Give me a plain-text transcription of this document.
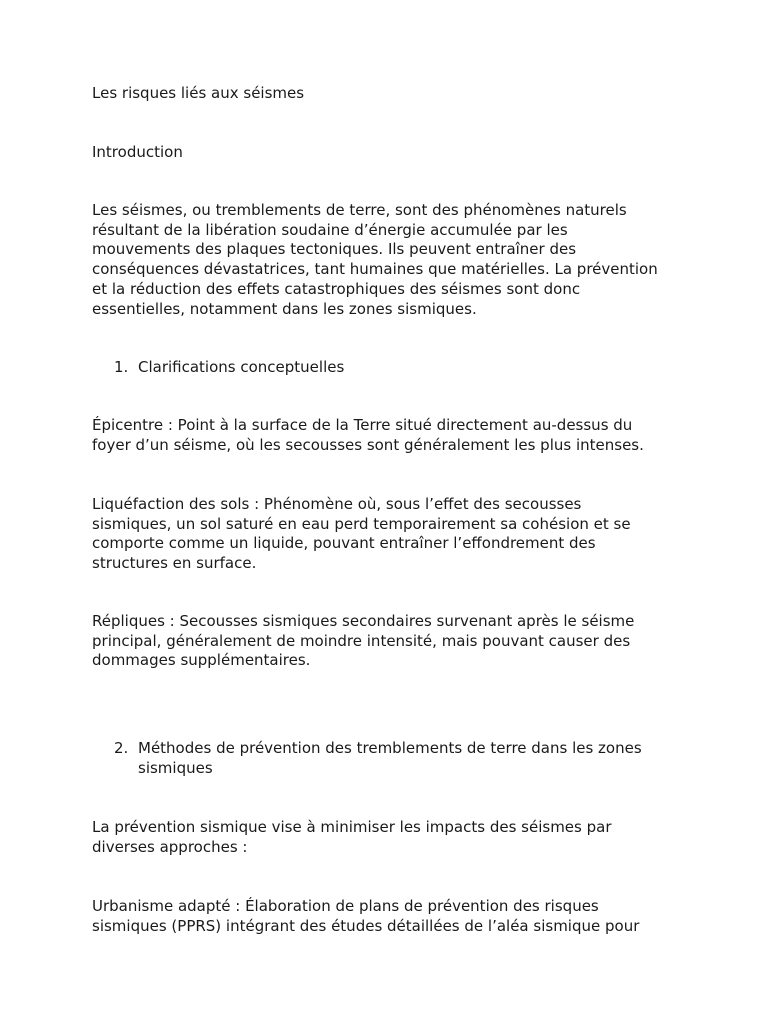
Les risques liés aux séismes

Introduction

Les séismes, ou tremblements de terre, sont des phénomènes naturels

résultant de la libération soudaine d’énergie accumulée par les

mouvements des plaques tectoniques. Ils peuvent entraîner des

conséquences dévastatrices, tant humaines que matérielles. La prévention

et la réduction des effets catastrophiques des séismes sont donc

essentielles, notamment dans les zones sismiques.

1. Clarifications conceptuelles

Épicentre : Point à la surface de la Terre situé directement au-dessus du

foyer d’un séisme, où les secousses sont généralement les plus intenses.

Liquéfaction des sols : Phénomène où, sous l’effet des secousses

sismiques, un sol saturé en eau perd temporairement sa cohésion et se

comporte comme un liquide, pouvant entraîner l’effondrement des

structures en surface.

Répliques : Secousses sismiques secondaires survenant après le séisme

principal, généralement de moindre intensité, mais pouvant causer des

dommages supplémentaires.

2. Méthodes de prévention des tremblements de terre dans les zones

sismiques

La prévention sismique vise à minimiser les impacts des séismes par

diverses approches :

Urbanisme adapté : Élaboration de plans de prévention des risques

sismiques (PPRS) intégrant des études détaillées de l’aléa sismique pour
